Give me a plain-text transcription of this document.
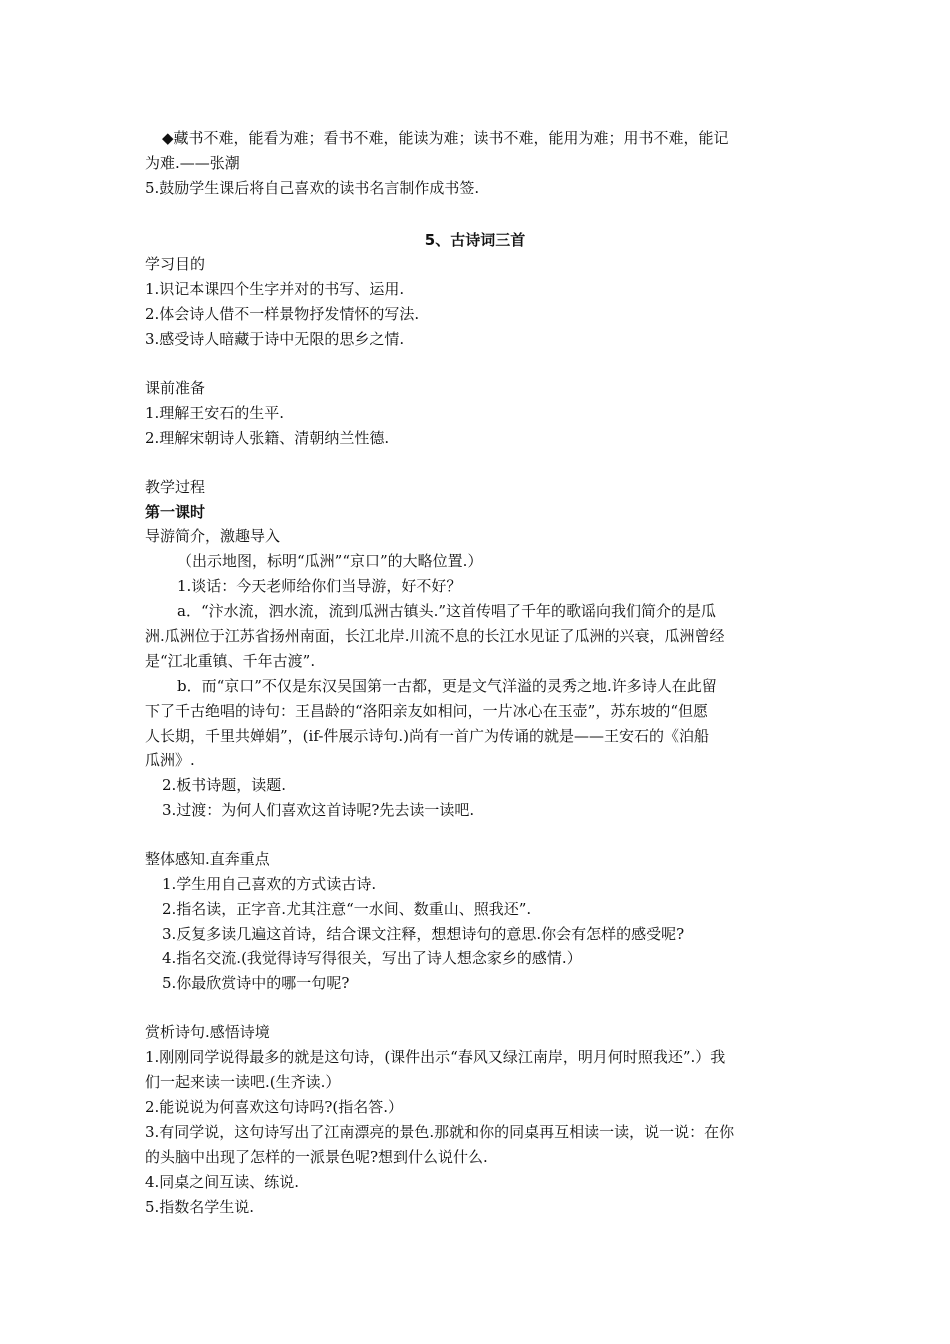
◆藏书不难，能看为难；看书不难，能读为难；读书不难，能用为难；用书不难，能记
为难.——张潮
5.鼓励学生课后将自己喜欢的读书名言制作成书签.
5、古诗词三首
学习目的
1.识记本课四个生字并对的书写、运用.
2.体会诗人借不一样景物抒发情怀的写法.
3.感受诗人暗藏于诗中无限的思乡之情.
课前准备
1.理解王安石的生平.
2.理解宋朝诗人张籍、清朝纳兰性德.
教学过程
第一课时
导游简介，激趣导入
（出示地图，标明“瓜洲”“京口”的大略位置.）
1.谈话：今天老师给你们当导游，好不好？
a．“汴水流，泗水流，流到瓜洲古镇头.”这首传唱了千年的歌谣向我们简介的是瓜
洲.瓜洲位于江苏省扬州南面，长江北岸.川流不息的长江水见证了瓜洲的兴衰，瓜洲曾经
是“江北重镇、千年古渡”.
b．而“京口”不仅是东汉吴国第一古都，更是文气洋溢的灵秀之地.许多诗人在此留
下了千古绝唱的诗句：王昌龄的“洛阳亲友如相问，一片冰心在玉壶”，苏东坡的“但愿
人长期，千里共婵娟”，(if-件展示诗句.)尚有一首广为传诵的就是——王安石的《泊船
瓜洲》.
2.板书诗题，读题.
3.过渡：为何人们喜欢这首诗呢?先去读一读吧.
整体感知.直奔重点
1.学生用自己喜欢的方式读古诗.
2.指名读，正字音.尤其注意“一水间、数重山、照我还”.
3.反复多读几遍这首诗，结合课文注释，想想诗句的意思.你会有怎样的感受呢?
4.指名交流.(我觉得诗写得很关，写出了诗人想念家乡的感情.）
5.你最欣赏诗中的哪一句呢?
赏析诗句.感悟诗境
1.刚刚同学说得最多的就是这句诗，(课件出示“春风又绿江南岸，明月何时照我还”.）我
们一起来读一读吧.(生齐读.）
2.能说说为何喜欢这句诗吗?(指名答.）
3.有同学说，这句诗写出了江南漂亮的景色.那就和你的同桌再互相读一读，说一说：在你
的头脑中出现了怎样的一派景色呢?想到什么说什么.
4.同桌之间互读、练说.
5.指数名学生说.
